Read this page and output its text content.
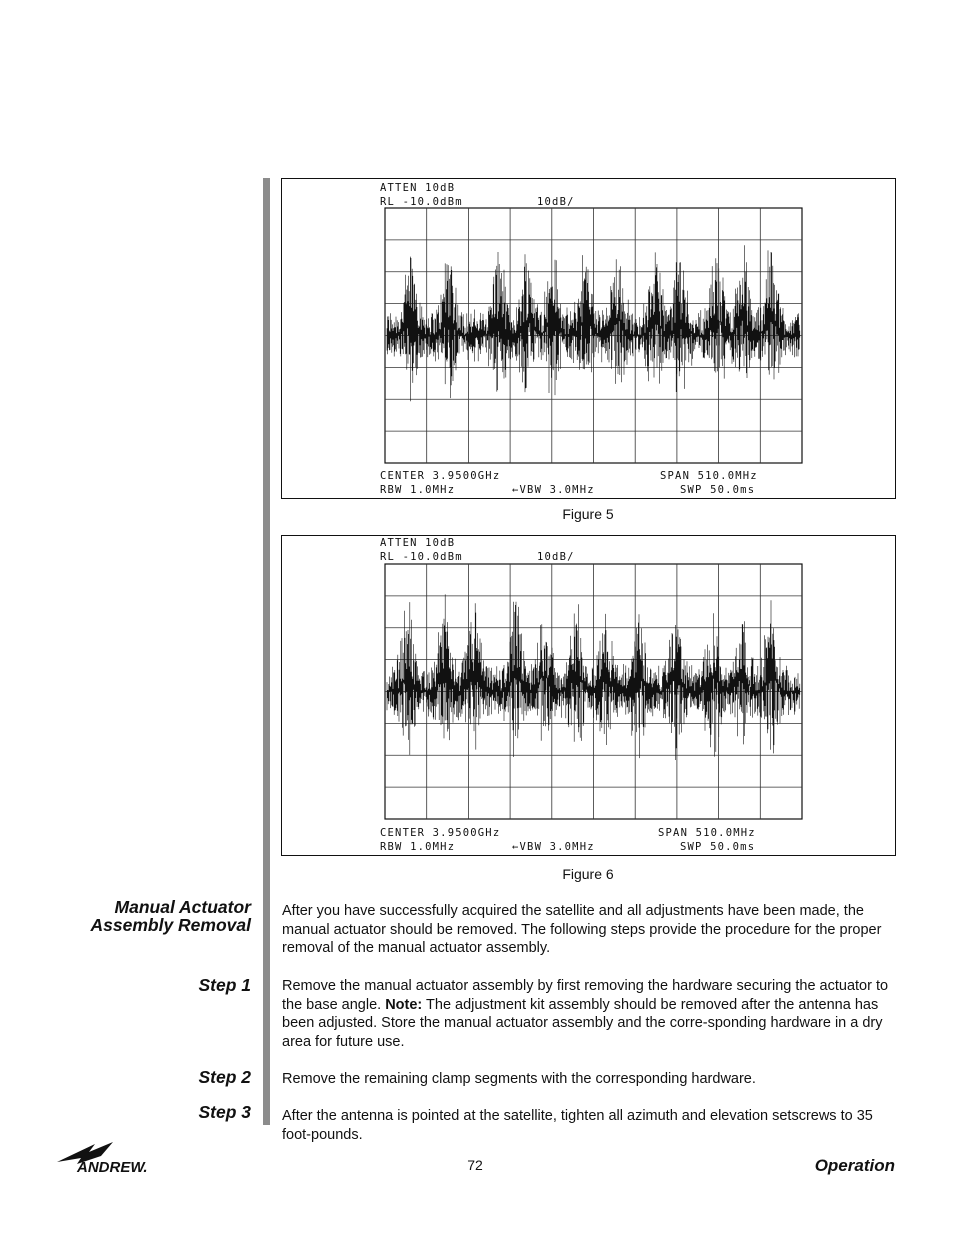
ATTEN 10dB
RL -10.0dBm	10dB/
CENTER 3.9500GHz	SPAN 510.0MHz
RBW 1.0MHz	←VBW 3.0MHz	SWP 50.0ms
Figure 5
ATTEN 10dB
RL -10.0dBm	10dB/
CENTER 3.9500GHz	SPAN 510.0MHz
RBW 1.0MHz	←VBW 3.0MHz	SWP 50.0ms
Figure 6
Manual Actuator
Assembly Removal
Step 1
Step 2
Step 3
After you have successfully acquired the satellite and all adjustments have been made, the manual actuator should be removed. The following steps provide the procedure for the proper removal of the manual actuator assembly.
Remove the manual actuator assembly by first removing the hardware securing the actuator to the base angle. Note: The adjustment kit assembly should be removed after the antenna has been adjusted. Store the manual actuator assembly and the corre-sponding hardware in a dry area for future use.
Remove the remaining clamp segments with the corresponding hardware.
After the antenna is pointed at the satellite, tighten all azimuth and elevation setscrews to 35 foot-pounds.
ANDREW.	72	Operation
